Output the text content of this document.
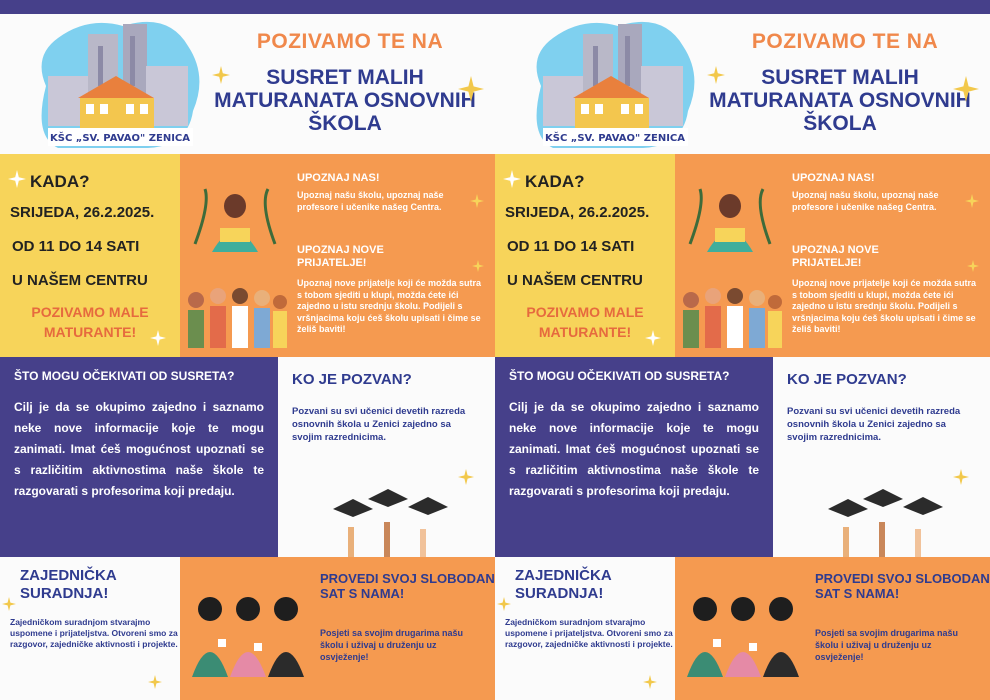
KŠC „SV. PAVAO" ZENICA
POZIVAMO TE NA
SUSRET MALIH MATURANATA OSNOVNIH ŠKOLA
KADA?
SRIJEDA, 26.2.2025.
OD 11 DO 14 SATI
U NAŠEM CENTRU
POZIVAMO MALE MATURANTE!
UPOZNAJ NAS!
Upoznaj našu školu, upoznaj naše profesore i učenike našeg Centra.
UPOZNAJ NOVE PRIJATELJE!
Upoznaj nove prijatelje koji će možda sutra s tobom sjediti u klupi, možda ćete ići zajedno u istu srednju školu. Podijeli s vršnjacima koju ćeš školu upisati i čime se želiš baviti!
ŠTO MOGU OČEKIVATI OD SUSRETA?
Cilj je da se okupimo zajedno i saznamo neke nove informacije koje te mogu zanimati. Imat ćeš mogućnost upoznati se s različitim aktivnostima naše škole te razgovarati s profesorima koji predaju.
KO JE POZVAN?
Pozvani su svi učenici devetih razreda osnovnih škola u Zenici zajedno sa svojim razrednicima.
ZAJEDNIČKA SURADNJA!
Zajedničkom suradnjom stvarajmo uspomene i prijateljstva. Otvoreni smo za razgovor, zajedničke aktivnosti i projekte.
PROVEDI SVOJ SLOBODAN SAT S NAMA!
Posjeti sa svojim drugarima našu školu i uživaj u druženju uz osvježenje!
KŠC „SV. PAVAO" ZENICA
POZIVAMO TE NA
SUSRET MALIH MATURANATA OSNOVNIH ŠKOLA
KADA?
SRIJEDA, 26.2.2025.
OD 11 DO 14 SATI
U NAŠEM CENTRU
POZIVAMO MALE MATURANTE!
UPOZNAJ NAS!
Upoznaj našu školu, upoznaj naše profesore i učenike našeg Centra.
UPOZNAJ NOVE PRIJATELJE!
Upoznaj nove prijatelje koji će možda sutra s tobom sjediti u klupi, možda ćete ići zajedno u istu srednju školu. Podijeli s vršnjacima koju ćeš školu upisati i čime se želiš baviti!
ŠTO MOGU OČEKIVATI OD SUSRETA?
Cilj je da se okupimo zajedno i saznamo neke nove informacije koje te mogu zanimati. Imat ćeš mogućnost upoznati se s različitim aktivnostima naše škole te razgovarati s profesorima koji predaju.
KO JE POZVAN?
Pozvani su svi učenici devetih razreda osnovnih škola u Zenici zajedno sa svojim razrednicima.
ZAJEDNIČKA SURADNJA!
Zajedničkom suradnjom stvarajmo uspomene i prijateljstva. Otvoreni smo za razgovor, zajedničke aktivnosti i projekte.
PROVEDI SVOJ SLOBODAN SAT S NAMA!
Posjeti sa svojim drugarima našu školu i uživaj u druženju uz osvježenje!
